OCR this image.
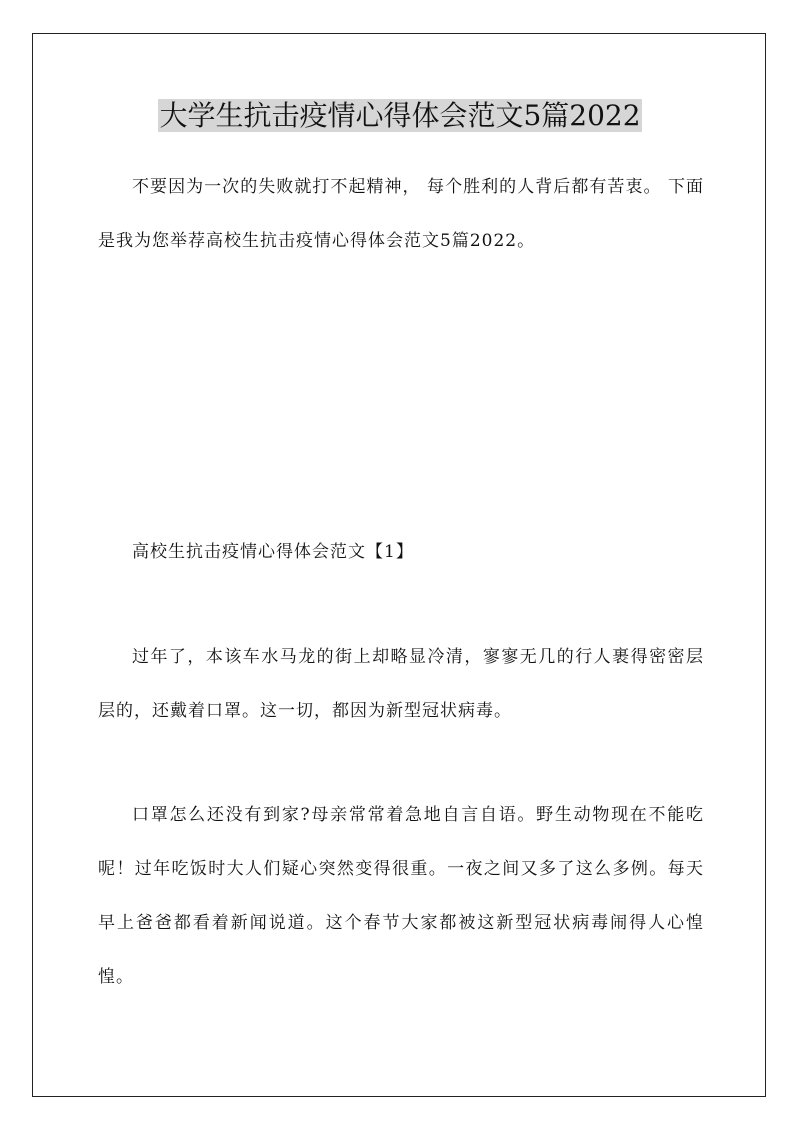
大学生抗击疫情心得体会范文5篇2022

不要因为一次的失败就打不起精神， 每个胜利的人背后都有苦衷。 下面是我为您举荐高校生抗击疫情心得体会范文5篇2022。

高校生抗击疫情心得体会范文【1】

过年了，本该车水马龙的街上却略显冷清，寥寥无几的行人裹得密密层层的，还戴着口罩。这一切，都因为新型冠状病毒。

口罩怎么还没有到家?母亲常常着急地自言自语。野生动物现在不能吃呢！过年吃饭时大人们疑心突然变得很重。一夜之间又多了这么多例。每天早上爸爸都看着新闻说道。这个春节大家都被这新型冠状病毒闹得人心惶惶。
